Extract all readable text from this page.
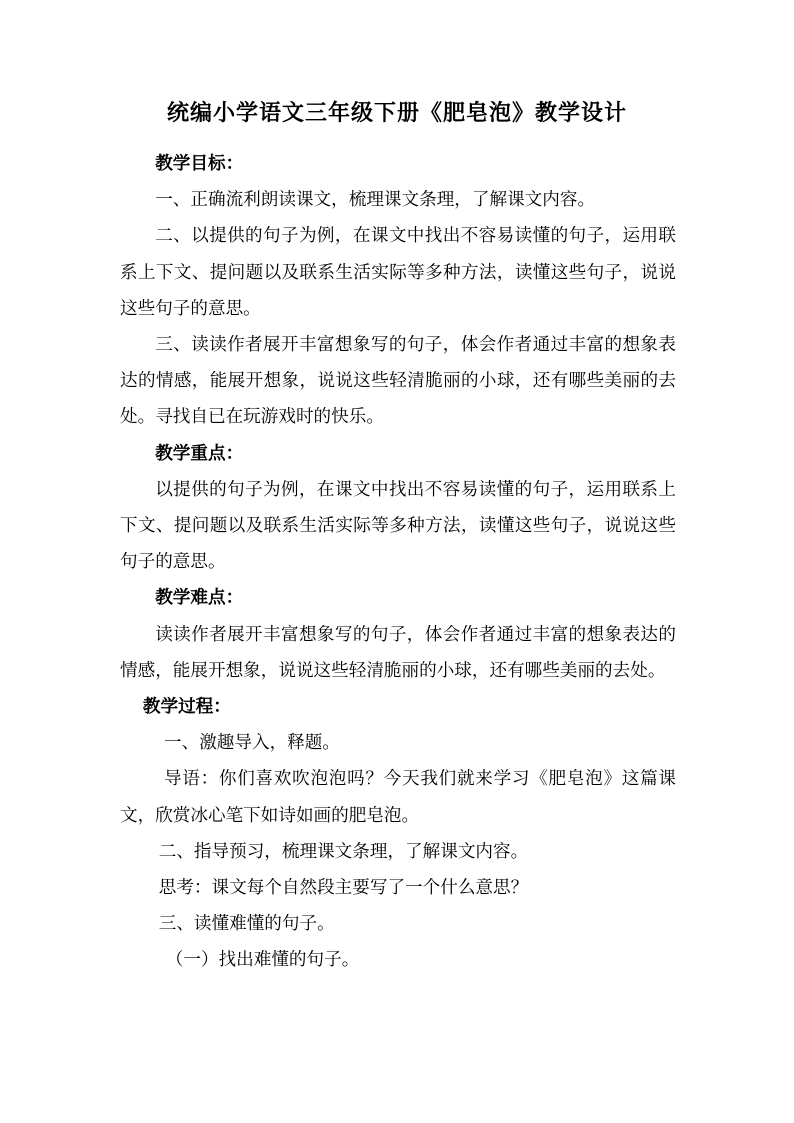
统编小学语文三年级下册《肥皂泡》教学设计

教学目标：

一、正确流利朗读课文，梳理课文条理，了解课文内容。

二、以提供的句子为例，在课文中找出不容易读懂的句子，运用联系上下文、提问题以及联系生活实际等多种方法，读懂这些句子，说说这些句子的意思。

三、读读作者展开丰富想象写的句子，体会作者通过丰富的想象表达的情感，能展开想象，说说这些轻清脆丽的小球，还有哪些美丽的去处。寻找自已在玩游戏时的快乐。

教学重点：

以提供的句子为例，在课文中找出不容易读懂的句子，运用联系上下文、提问题以及联系生活实际等多种方法，读懂这些句子，说说这些句子的意思。

教学难点：

读读作者展开丰富想象写的句子，体会作者通过丰富的想象表达的情感，能展开想象，说说这些轻清脆丽的小球，还有哪些美丽的去处。

教学过程：

一、激趣导入，释题。

导语：你们喜欢吹泡泡吗？今天我们就来学习《肥皂泡》这篇课文，欣赏冰心笔下如诗如画的肥皂泡。

二、指导预习，梳理课文条理，了解课文内容。

思考：课文每个自然段主要写了一个什么意思？

三、读懂难懂的句子。

（一）找出难懂的句子。
